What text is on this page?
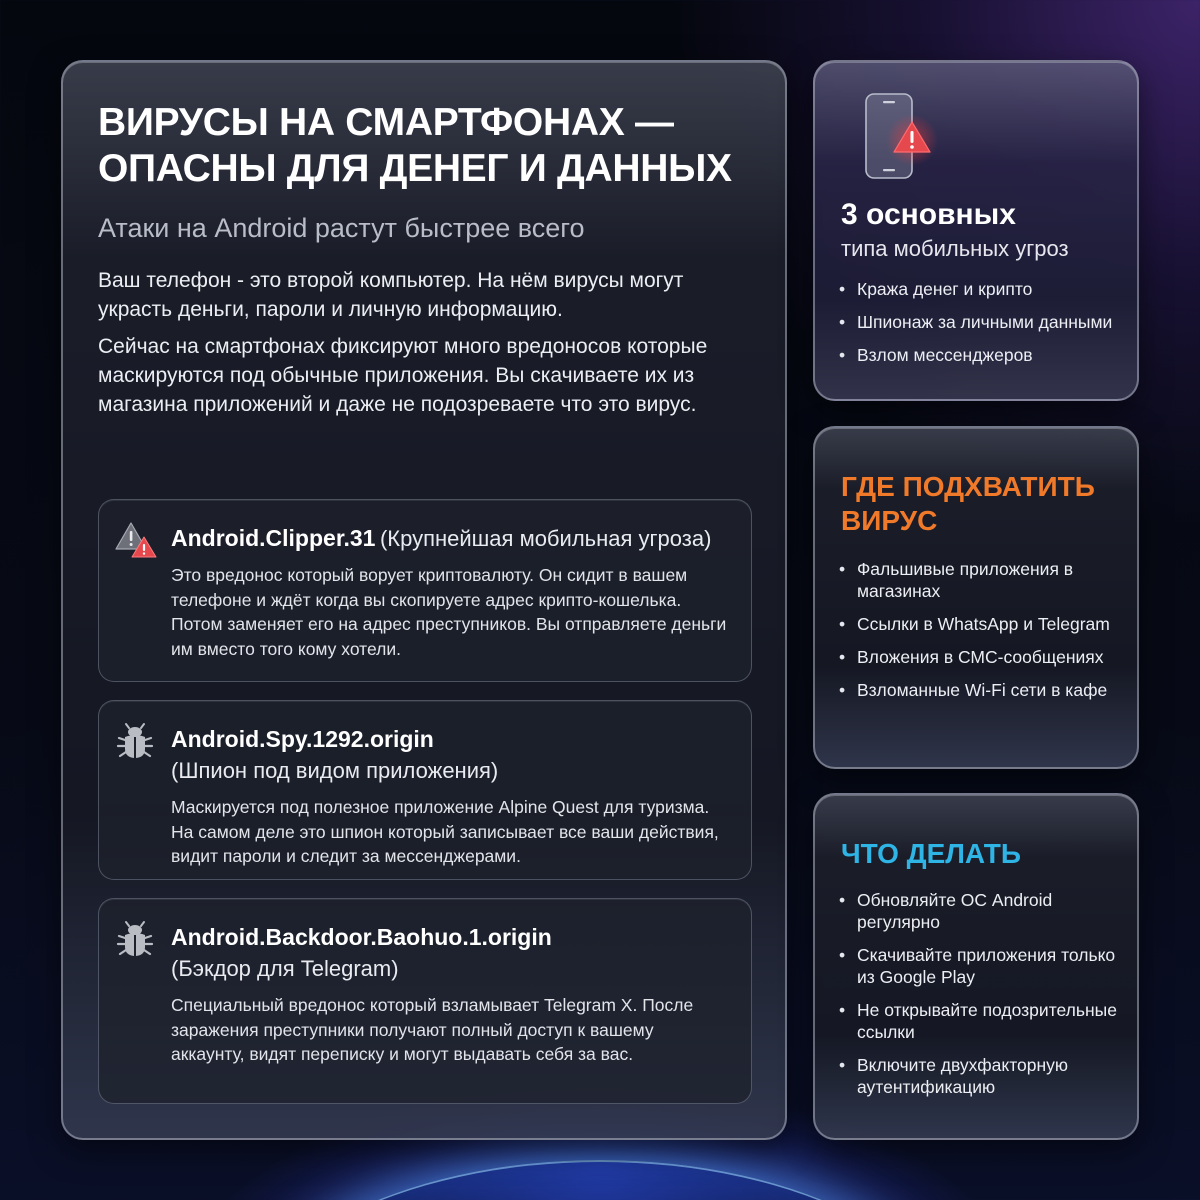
ВИРУСЫ НА СМАРТФОНАХ —
ОПАСНЫ ДЛЯ ДЕНЕГ И ДАННЫХ
Атаки на Android растут быстрее всего

Ваш телефон - это второй компьютер. На нём вирусы могут украсть деньги, пароли и личную информацию.

Сейчас на смартфонах фиксируют много вредоносов которые маскируются под обычные приложения. Вы скачиваете их из магазина приложений и даже не подозреваете что это вирус.

Android.Clipper.31 (Крупнейшая мобильная угроза)
Это вредонос который ворует криптовалюту. Он сидит в вашем телефоне и ждёт когда вы скопируете адрес крипто-кошелька. Потом заменяет его на адрес преступников. Вы отправляете деньги им вместо того кому хотели.
Android.Spy.1292.origin
(Шпион под видом приложения)
Маскируется под полезное приложение Alpine Quest для туризма. На самом деле это шпион который записывает все ваши действия, видит пароли и следит за мессенджерами.
Android.Backdoor.Baohuo.1.origin
(Бэкдор для Telegram)
Специальный вредонос который взламывает Telegram X. После заражения преступники получают полный доступ к вашему аккаунту, видят переписку и могут выдавать себя за вас.
3 основных
типа мобильных угроз
• Кража денег и крипто
• Шпионаж за личными данными
• Взлом мессенджеров
ГДЕ ПОДХВАТИТЬ
ВИРУС
• Фальшивые приложения в магазинах
• Ссылки в WhatsApp и Telegram
• Вложения в СМС-сообщениях
• Взломанные Wi-Fi сети в кафе
ЧТО ДЕЛАТЬ
• Обновляйте ОС Android регулярно
• Скачивайте приложения только из Google Play
• Не открывайте подозрительные ссылки
• Включите двухфакторную аутентификацию
